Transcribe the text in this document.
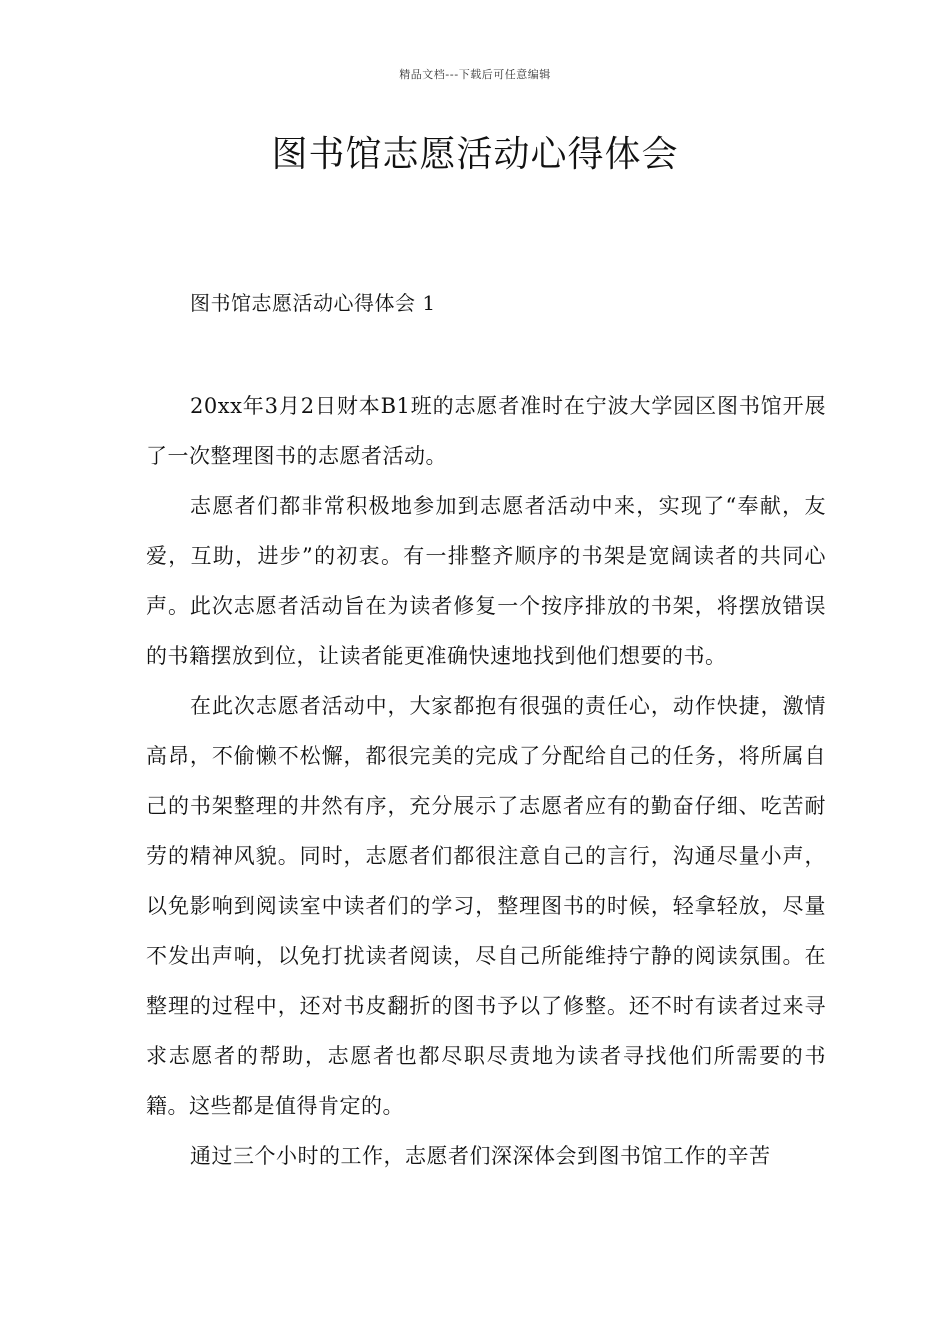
精品文档---下载后可任意编辑
图书馆志愿活动心得体会
图书馆志愿活动心得体会 1

20xx年3月2日财本B1班的志愿者准时在宁波大学园区图书馆开展了一次整理图书的志愿者活动。

志愿者们都非常积极地参加到志愿者活动中来，实现了“奉献，友爱，互助，进步”的初衷。有一排整齐顺序的书架是宽阔读者的共同心声。此次志愿者活动旨在为读者修复一个按序排放的书架，将摆放错误的书籍摆放到位，让读者能更准确快速地找到他们想要的书。

在此次志愿者活动中，大家都抱有很强的责任心，动作快捷，激情高昂，不偷懒不松懈，都很完美的完成了分配给自己的任务，将所属自己的书架整理的井然有序，充分展示了志愿者应有的勤奋仔细、吃苦耐劳的精神风貌。同时，志愿者们都很注意自己的言行，沟通尽量小声，以免影响到阅读室中读者们的学习，整理图书的时候，轻拿轻放，尽量不发出声响，以免打扰读者阅读，尽自己所能维持宁静的阅读氛围。在整理的过程中，还对书皮翻折的图书予以了修整。还不时有读者过来寻求志愿者的帮助，志愿者也都尽职尽责地为读者寻找他们所需要的书籍。这些都是值得肯定的。

通过三个小时的工作，志愿者们深深体会到图书馆工作的辛苦
